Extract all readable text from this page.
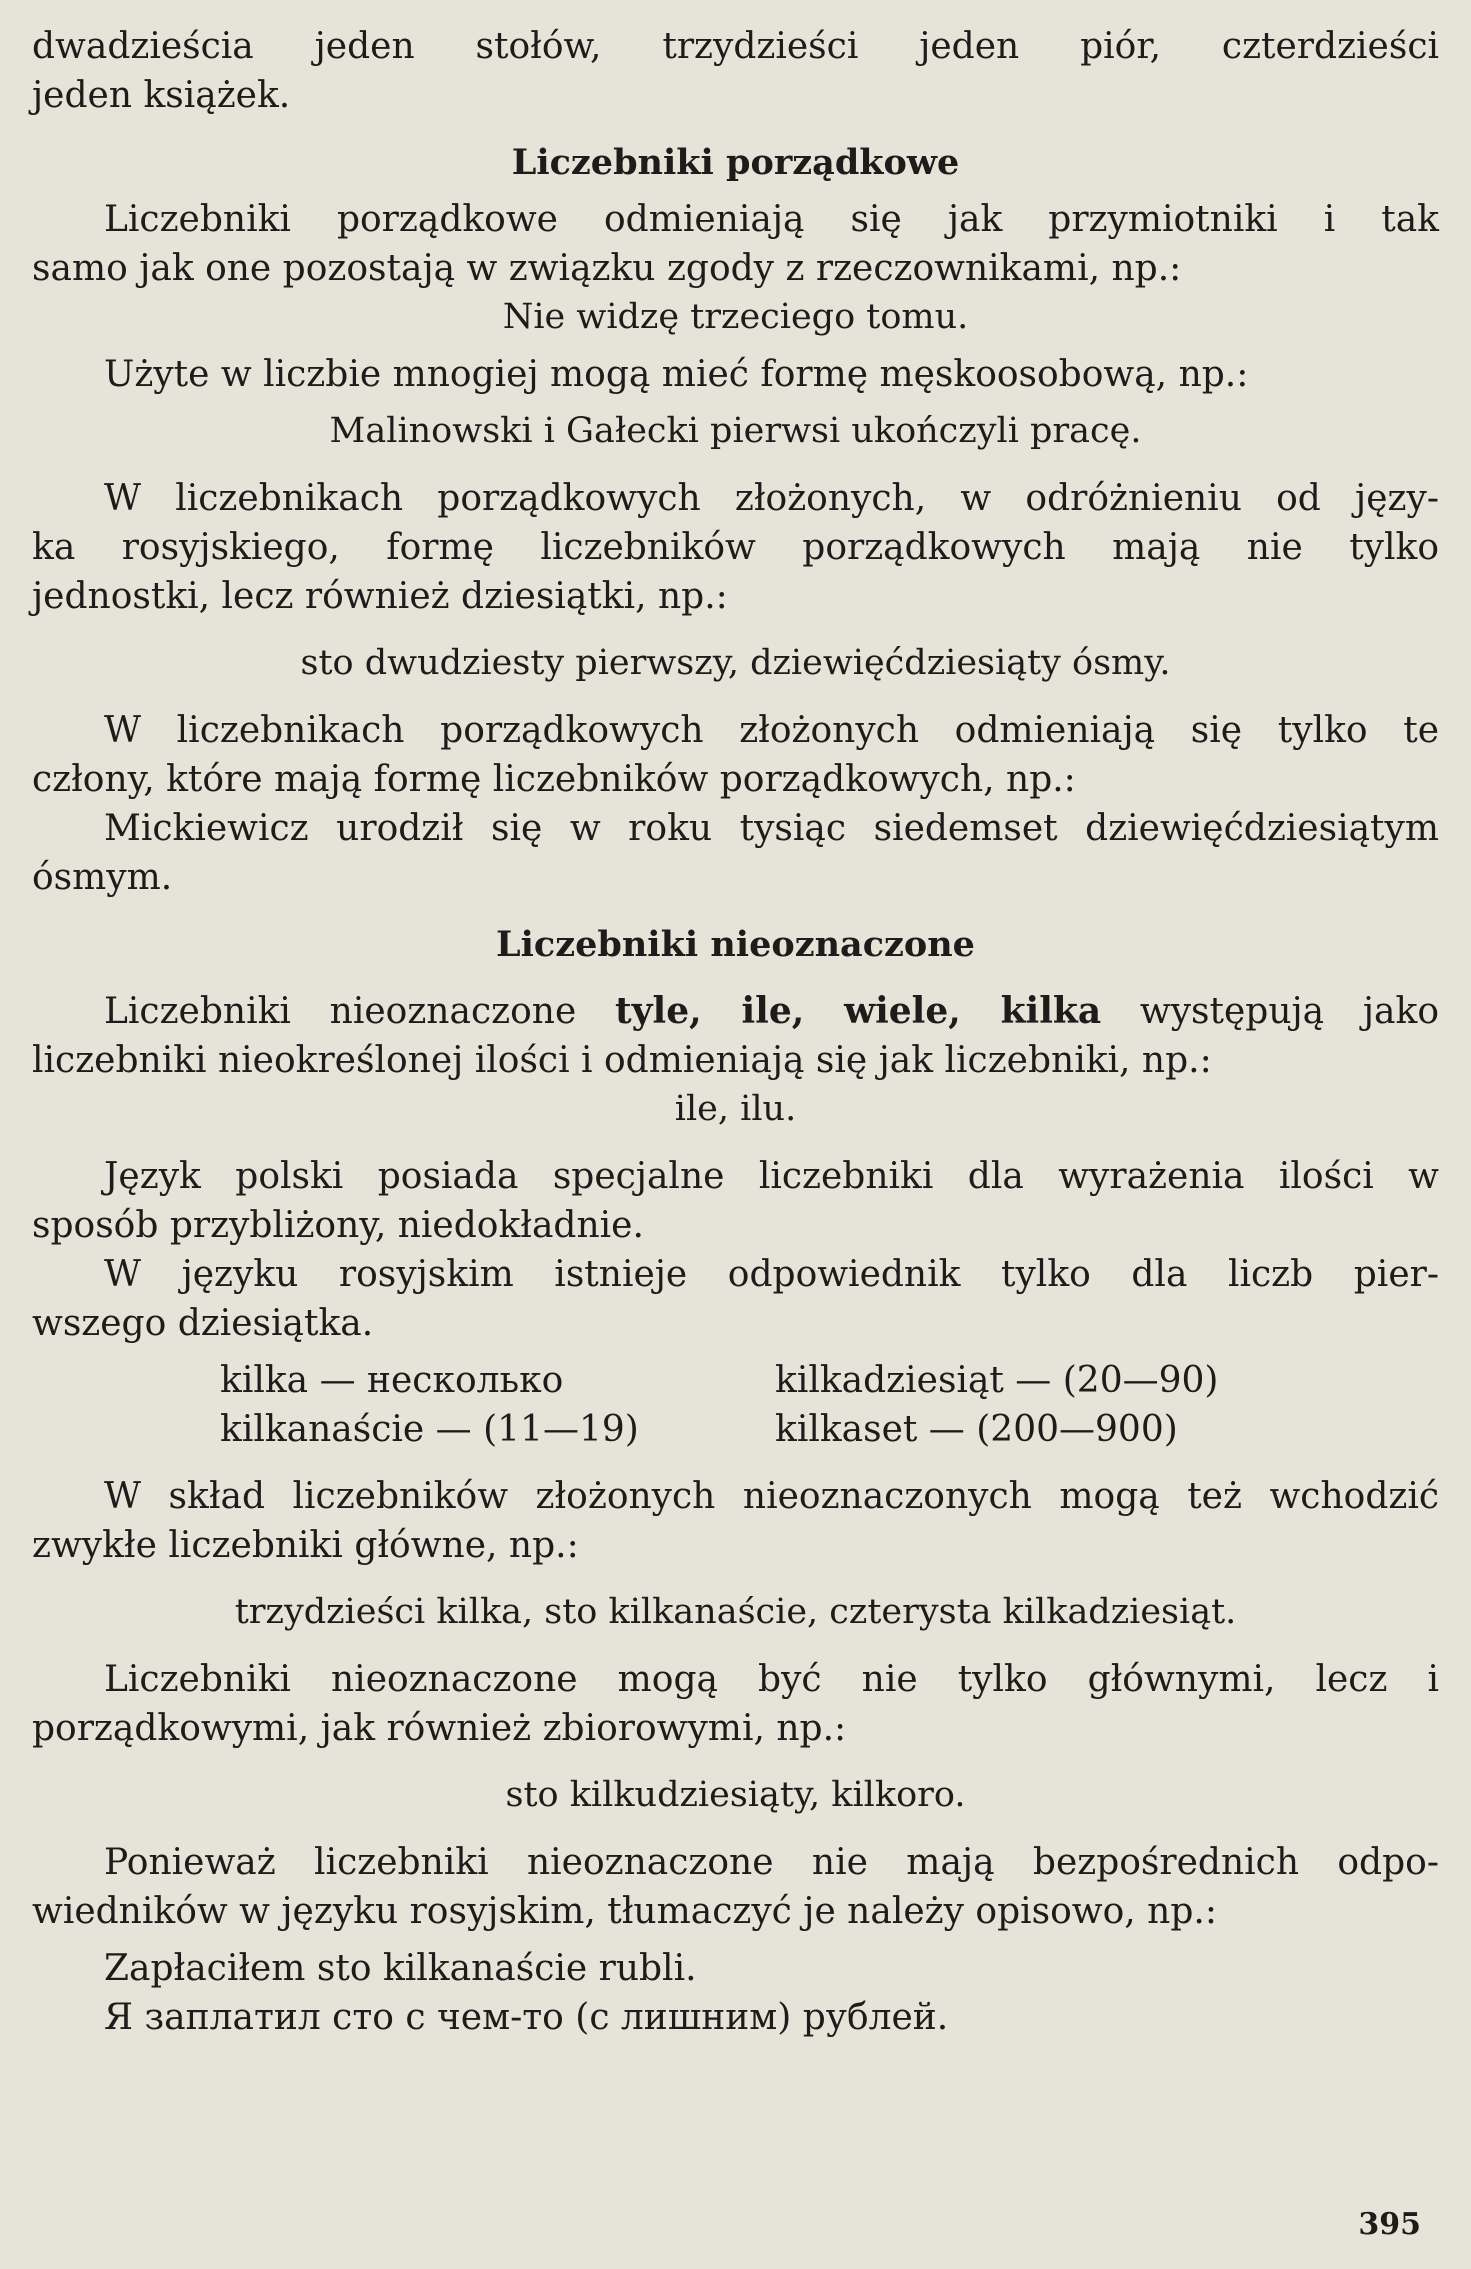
dwadzieścia jeden stołów, trzydzieści jeden piór, czterdzieści

jeden książek.

Liczebniki porządkowe

Liczebniki porządkowe odmieniają się jak przymiotniki i tak

samo jak one pozostają w związku zgody z rzeczownikami, np.:

Nie widzę trzeciego tomu.

Użyte w liczbie mnogiej mogą mieć formę męskoosobową, np.:

Malinowski i Gałecki pierwsi ukończyli pracę.

W liczebnikach porządkowych złożonych, w odróżnieniu od języ-

ka rosyjskiego, formę liczebników porządkowych mają nie tylko

jednostki, lecz również dziesiątki, np.:

sto dwudziesty pierwszy, dziewięćdziesiąty ósmy.

W liczebnikach porządkowych złożonych odmieniają się tylko te

człony, które mają formę liczebników porządkowych, np.:

Mickiewicz urodził się w roku tysiąc siedemset dziewięćdziesiątym

ósmym.

Liczebniki nieoznaczone

Liczebniki nieoznaczone tyle, ile, wiele, kilka występują jako

liczebniki nieokreślonej ilości i odmieniają się jak liczebniki, np.:

ile, ilu.

Język polski posiada specjalne liczebniki dla wyrażenia ilości w

sposób przybliżony, niedokładnie.

W języku rosyjskim istnieje odpowiednik tylko dla liczb pier-

wszego dziesiątka.

kilka — несколько	kilkadziesiąt — (20—90)
kilkanaście — (11—19)	kilkaset — (200—900)

W skład liczebników złożonych nieoznaczonych mogą też wchodzić

zwykłe liczebniki główne, np.:

trzydzieści kilka, sto kilkanaście, czterysta kilkadziesiąt.

Liczebniki nieoznaczone mogą być nie tylko głównymi, lecz i

porządkowymi, jak również zbiorowymi, np.:

sto kilkudziesiąty, kilkoro.

Ponieważ liczebniki nieoznaczone nie mają bezpośrednich odpo-

wiedników w języku rosyjskim, tłumaczyć je należy opisowo, np.:

Zapłaciłem sto kilkanaście rubli.

Я заплатил сто с чем-то (с лишним) рублей.

395
